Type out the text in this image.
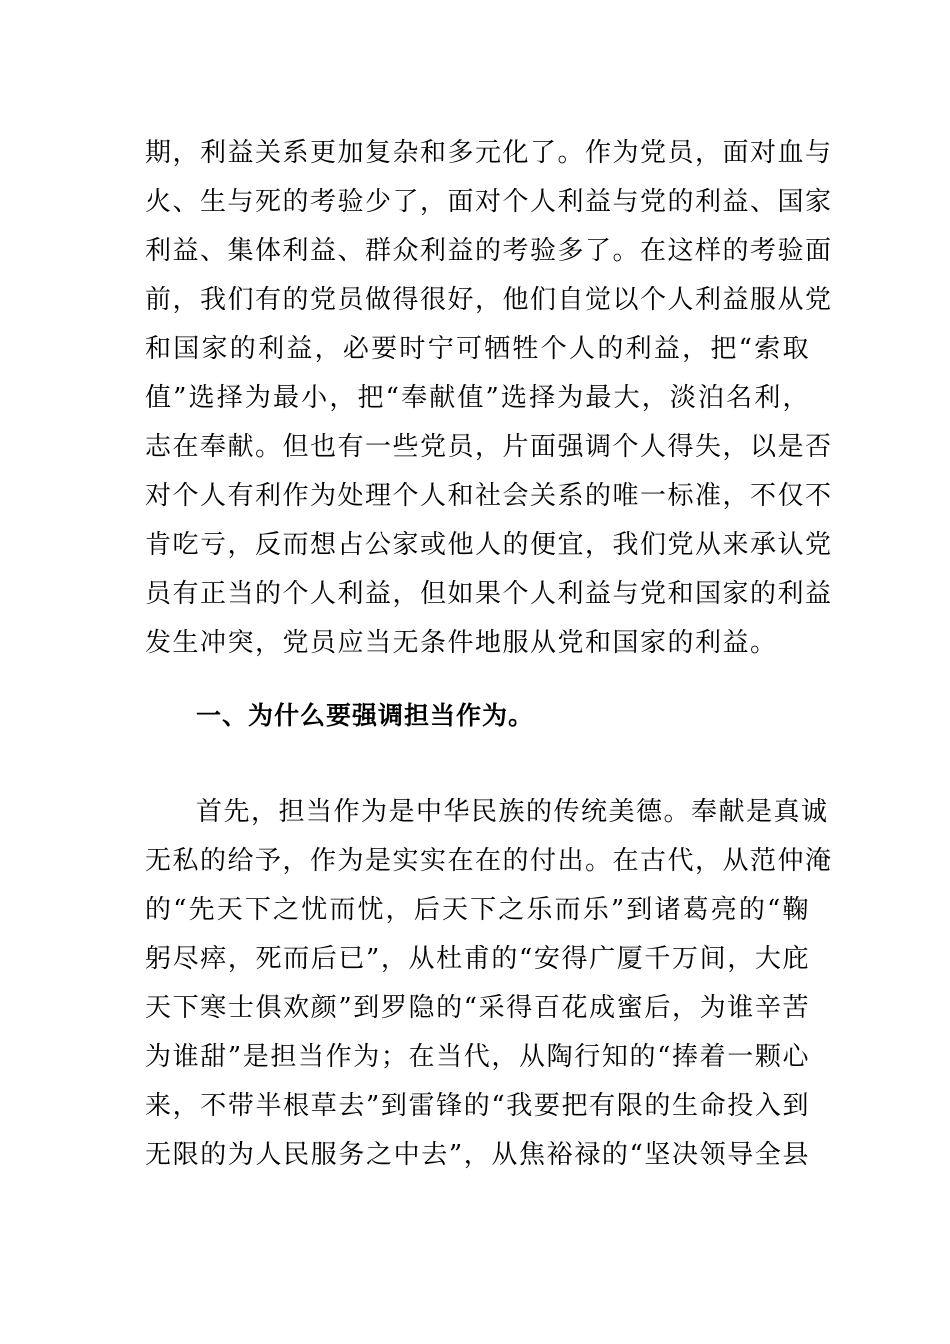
期，利益关系更加复杂和多元化了。作为党员，面对血与
火、生与死的考验少了，面对个人利益与党的利益、国家
利益、集体利益、群众利益的考验多了。在这样的考验面
前，我们有的党员做得很好，他们自觉以个人利益服从党
和国家的利益，必要时宁可牺牲个人的利益，把“索取
值”选择为最小，把“奉献值”选择为最大，淡泊名利，
志在奉献。但也有一些党员，片面强调个人得失，以是否
对个人有利作为处理个人和社会关系的唯一标准，不仅不
肯吃亏，反而想占公家或他人的便宜，我们党从来承认党
员有正当的个人利益，但如果个人利益与党和国家的利益
发生冲突，党员应当无条件地服从党和国家的利益。
一、为什么要强调担当作为。
首先，担当作为是中华民族的传统美德。奉献是真诚
无私的给予，作为是实实在在的付出。在古代，从范仲淹
的“先天下之忧而忧，后天下之乐而乐”到诸葛亮的“鞠
躬尽瘁，死而后已”，从杜甫的“安得广厦千万间，大庇
天下寒士俱欢颜”到罗隐的“采得百花成蜜后，为谁辛苦
为谁甜”是担当作为；在当代，从陶行知的“捧着一颗心
来，不带半根草去”到雷锋的“我要把有限的生命投入到
无限的为人民服务之中去”，从焦裕禄的“坚决领导全县
